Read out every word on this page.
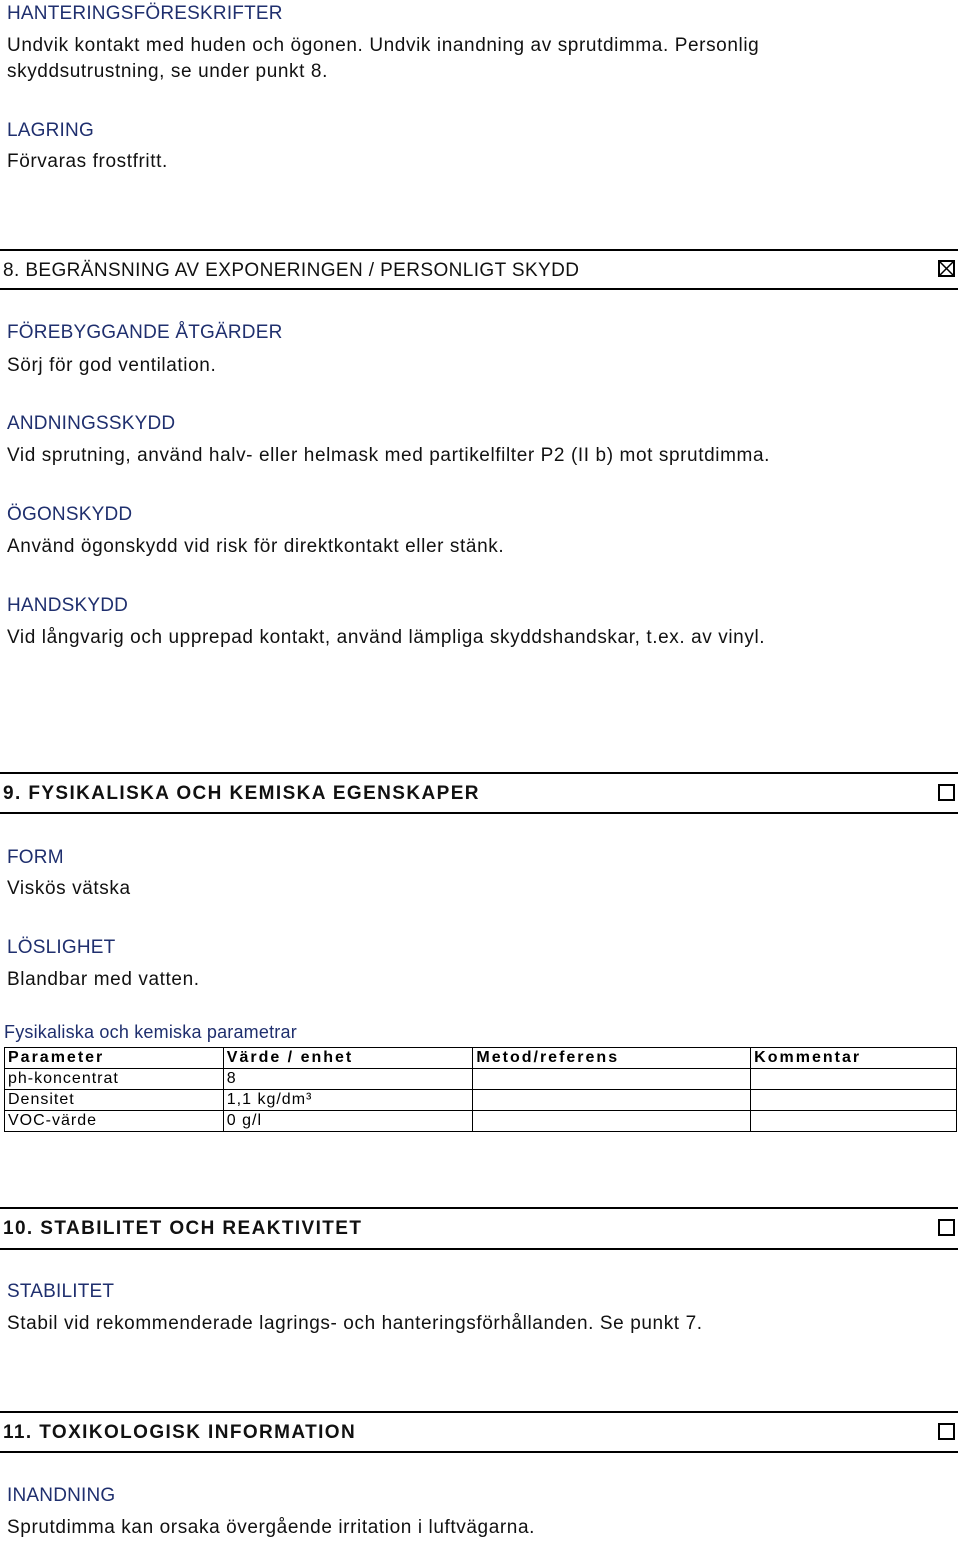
HANTERINGSFÖRESKRIFTER
Undvik kontakt med huden och ögonen. Undvik inandning av sprutdimma. Personlig
skyddsutrustning, se under punkt 8.
LAGRING
Förvaras frostfritt.
8. BEGRÄNSNING AV EXPONERINGEN / PERSONLIGT SKYDD
FÖREBYGGANDE ÅTGÄRDER
Sörj för god ventilation.
ANDNINGSSKYDD
Vid sprutning, använd halv- eller helmask med partikelfilter P2 (II b) mot sprutdimma.
ÖGONSKYDD
Använd ögonskydd vid risk för direktkontakt eller stänk.
HANDSKYDD
Vid långvarig och upprepad kontakt, använd lämpliga skyddshandskar, t.ex. av vinyl.
9. FYSIKALISKA OCH KEMISKA EGENSKAPER
FORM
Viskös vätska
LÖSLIGHET
Blandbar med vatten.
Fysikaliska och kemiska parametrar
Parameter	Värde / enhet	Metod/referens	Kommentar
ph-koncentrat	8		
Densitet	1,1 kg/dm³		
VOC-värde	0 g/l		
10. STABILITET OCH REAKTIVITET
STABILITET
Stabil vid rekommenderade lagrings- och hanteringsförhållanden. Se punkt 7.
11. TOXIKOLOGISK INFORMATION
INANDNING
Sprutdimma kan orsaka övergående irritation i luftvägarna.
